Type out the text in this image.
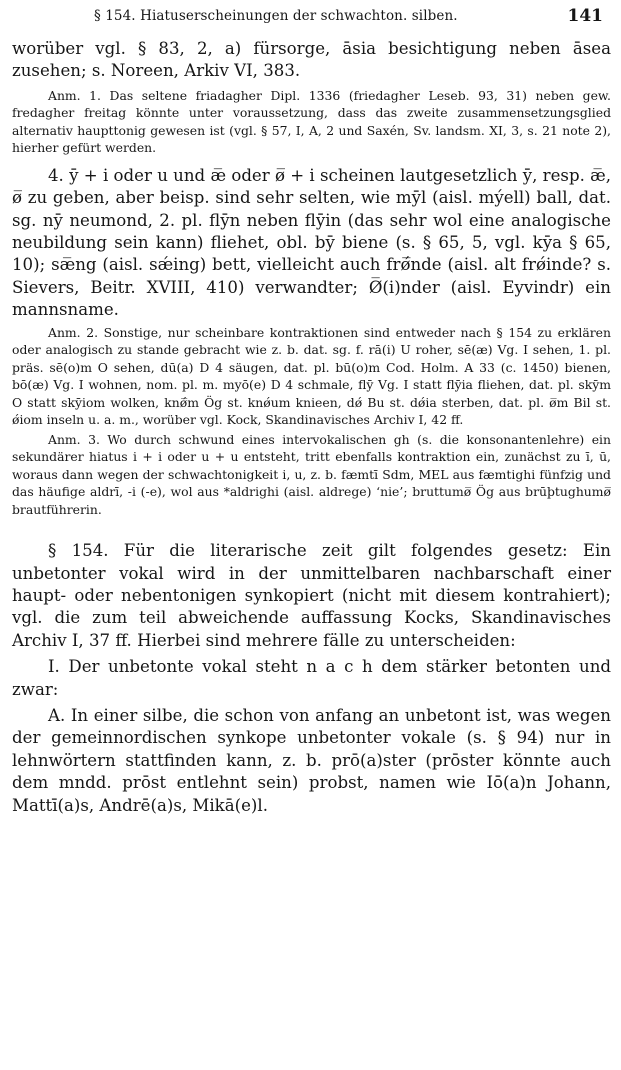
§ 154. Hiatuserscheinungen der schwachton. silben.	141

worüber vgl. § 83, 2, a) fürsorge, āsia besichtigung neben āsea zusehen; s. Noreen, Arkiv VI, 383.

Anm. 1. Das seltene friadagher Dipl. 1336 (friedagher Leseb. 93, 31) neben gew. fredagher freitag könnte unter voraussetzung, dass das zweite zusammensetzungsglied alternativ haupttonig gewesen ist (vgl. § 57, I, A, 2 und Saxén, Sv. landsm. XI, 3, s. 21 note 2), hierher gefürt werden.

4. ȳ + i oder u und æ̅ oder ø̅ + i scheinen lautgesetzlich ȳ, resp. æ̅, ø̅ zu geben, aber beisp. sind sehr selten, wie mȳl (aisl. mýell) ball, dat. sg. nȳ neumond, 2. pl. flȳn neben flȳin (das sehr wol eine analogische neubildung sein kann) fliehet, obl. bȳ biene (s. § 65, 5, vgl. kȳa § 65, 10); sæ̅ng (aisl. sǽing) bett, vielleicht auch frǿ̅nde (aisl. alt frǿinde? s. Sievers, Beitr. XVIII, 410) verwandter; Ø̅(i)nder (aisl. Eyvindr) ein mannsname.

Anm. 2. Sonstige, nur scheinbare kontraktionen sind entweder nach § 154 zu erklären oder analogisch zu stande gebracht wie z. b. dat. sg. f. rā(i) U roher, sē(æ) Vg. I sehen, 1. pl. präs. sē(o)m O sehen, dū(a) D 4 säugen, dat. pl. bū(o)m Cod. Holm. A 33 (c. 1450) bienen, bō(æ) Vg. I wohnen, nom. pl. m. myō(e) D 4 schmale, flȳ Vg. I statt flȳia fliehen, dat. pl. skȳm O statt skȳiom wolken, knǿ̅m Ög st. knǿum knieen, dǿ Bu st. dǿia sterben, dat. pl. ø̅m Bil st. ǿiom inseln u. a. m., worüber vgl. Kock, Skandinavisches Archiv I, 42 ff.

Anm. 3. Wo durch schwund eines intervokalischen gh (s. die konsonantenlehre) ein sekundärer hiatus i + i oder u + u entsteht, tritt ebenfalls kontraktion ein, zunächst zu ī, ū, woraus dann wegen der schwachtonigkeit i, u, z. b. fæmtī Sdm, MEL aus fæmtighi fünfzig und das häufige aldrī, -i (-e), wol aus *aldrighi (aisl. aldrege) ‘nie’; bruttumø̅ Ög aus brūþtughumø̅ brautführerin.

§ 154. Für die literarische zeit gilt folgendes gesetz: Ein unbetonter vokal wird in der unmittelbaren nachbarschaft einer haupt- oder nebentonigen synkopiert (nicht mit diesem kontrahiert); vgl. die zum teil abweichende auffassung Kocks, Skandinavisches Archiv I, 37 ff. Hierbei sind mehrere fälle zu unterscheiden:

I. Der unbetonte vokal steht n a c h dem stärker betonten und zwar:

A. In einer silbe, die schon von anfang an unbetont ist, was wegen der gemeinnordischen synkope unbetonter vokale (s. § 94) nur in lehnwörtern stattfinden kann, z. b. prō(a)ster (prōster könnte auch dem mndd. prōst entlehnt sein) probst, namen wie Iō(a)n Johann, Mattī(a)s, Andrē(a)s, Mikā(e)l.
